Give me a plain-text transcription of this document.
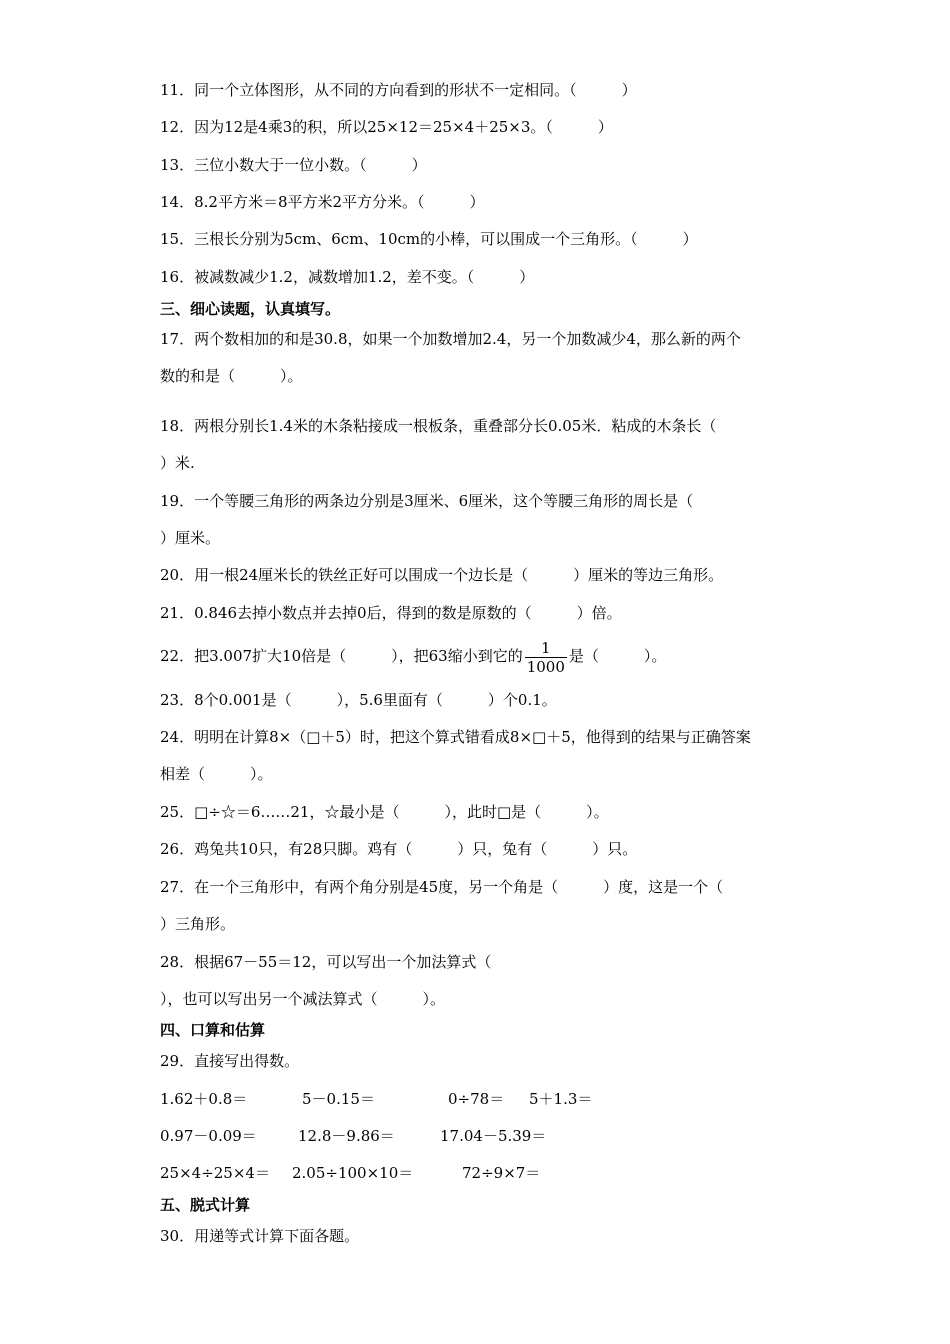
11．同一个立体图形，从不同的方向看到的形状不一定相同。（　　　）
12．因为12是4乘3的积，所以25×12＝25×4＋25×3。（　　　）
13．三位小数大于一位小数。（　　　）
14．8.2平方米＝8平方米2平方分米。（　　　）
15．三根长分别为5cm、6cm、10cm的小棒，可以围成一个三角形。（　　　）
16．被减数减少1.2，减数增加1.2，差不变。（　　　）
三、细心读题，认真填写。
17．两个数相加的和是30.8，如果一个加数增加2.4，另一个加数减少4，那么新的两个
数的和是（　　　）。
18．两根分别长1.4米的木条粘接成一根板条，重叠部分长0.05米．粘成的木条长（
）米.
19．一个等腰三角形的两条边分别是3厘米、6厘米，这个等腰三角形的周长是（
）厘米。
20．用一根24厘米长的铁丝正好可以围成一个边长是（　　　）厘米的等边三角形。
21．0.846去掉小数点并去掉0后，得到的数是原数的（　　　）倍。
22．把3.007扩大10倍是（　　　），把63缩小到它的 $\frac{1}{1000}$ 是（　　　）。
23．8个0.001是（　　　），5.6里面有（　　　）个0.1。
24．明明在计算8×（□＋5）时，把这个算式错看成8×□＋5，他得到的结果与正确答案
相差（　　　）。
25．□÷☆＝6……21，☆最小是（　　　），此时□是（　　　）。
26．鸡兔共10只，有28只脚。鸡有（　　　）只，兔有（　　　）只。
27．在一个三角形中，有两个角分别是45度，另一个角是（　　　）度，这是一个（
）三角形。
28．根据67－55＝12，可以写出一个加法算式（
），也可以写出另一个减法算式（　　　）。
四、口算和估算
29．直接写出得数。
1.62＋0.8＝	5－0.15＝	0÷78＝ 5＋1.3＝
0.97－0.09＝	12.8－9.86＝	17.04－5.39＝
25×4÷25×4＝ 2.05÷100×10＝	72÷9×7＝
五、脱式计算
30．用递等式计算下面各题。
